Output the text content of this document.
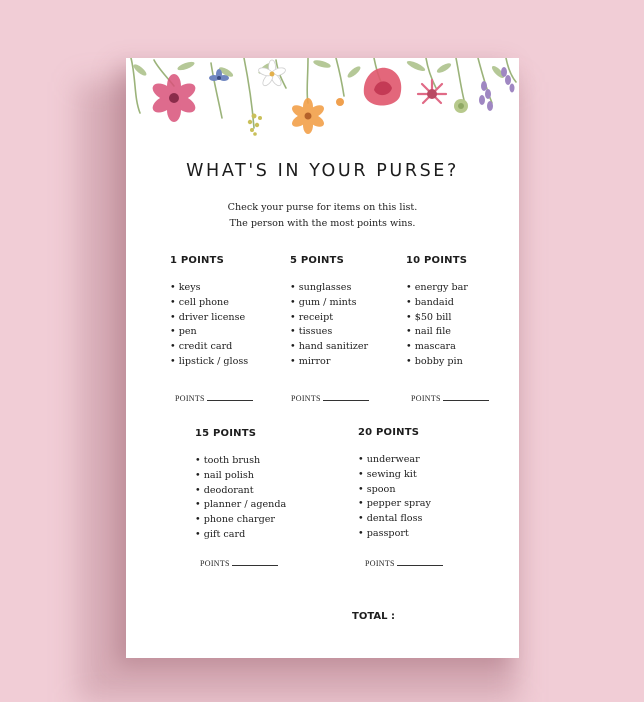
WHAT'S IN YOUR PURSE?
Check your purse for items on this list.
The person with the most points wins.
1 POINTS
• keys
• cell phone
• driver license
• pen
• credit card
• lipstick / gloss
5 POINTS
• sunglasses
• gum / mints
• receipt
• tissues
• hand sanitizer
• mirror
10 POINTS
• energy bar
• bandaid
• $50 bill
• nail file
• mascara
• bobby pin
POINTS	POINTS	POINTS
15 POINTS
• tooth brush
• nail polish
• deodorant
• planner / agenda
• phone charger
• gift card
20 POINTS
• underwear
• sewing kit
• spoon
• pepper spray
• dental floss
• passport
POINTS	POINTS
TOTAL :
